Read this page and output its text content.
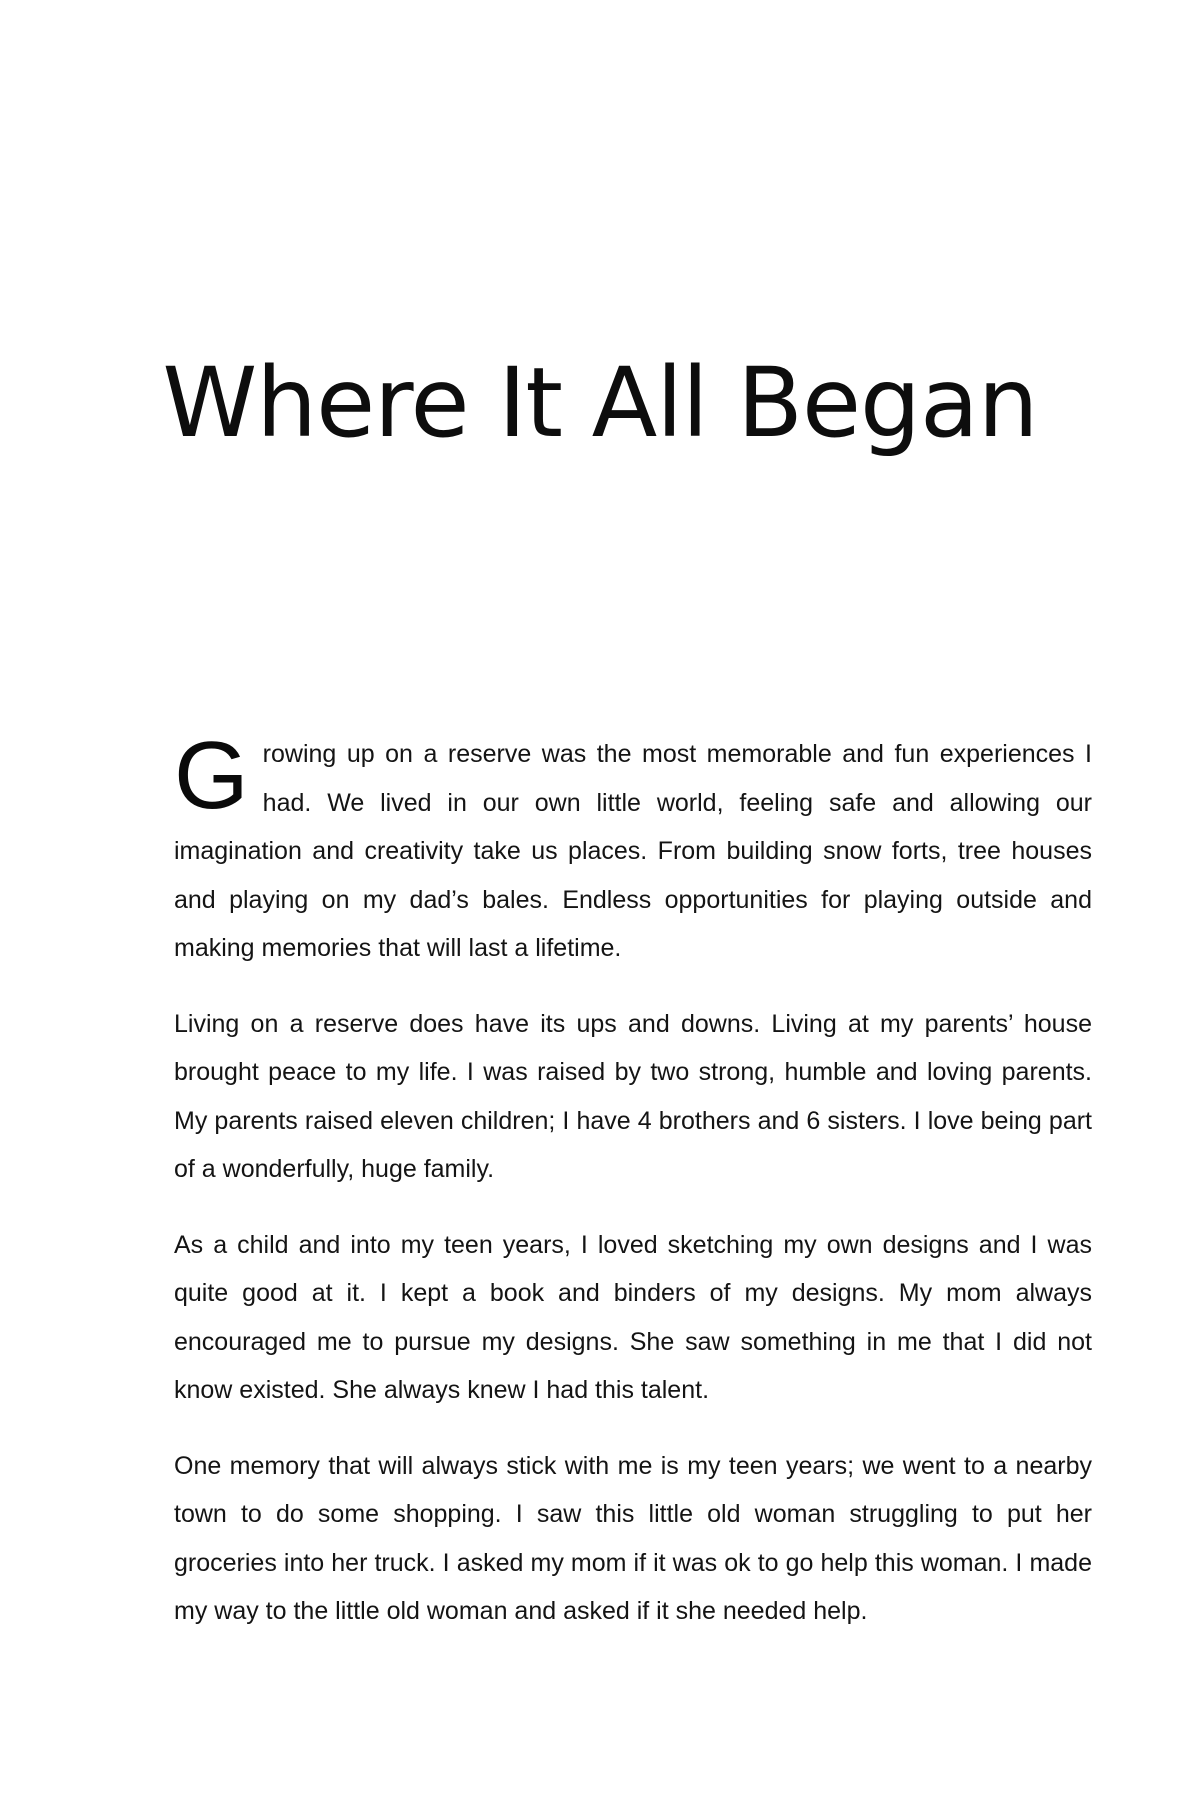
Where It All Began

Growing up on a reserve was the most memorable and fun experiences I had. We lived in our own little world, feeling safe and allowing our imagination and creativity take us places. From building snow forts, tree houses and playing on my dad’s bales. Endless opportunities for playing outside and making memories that will last a lifetime.

Living on a reserve does have its ups and downs. Living at my parents’ house brought peace to my life. I was raised by two strong, humble and loving parents. My parents raised eleven children; I have 4 brothers and 6 sisters. I love being part of a wonderfully, huge family.

As a child and into my teen years, I loved sketching my own designs and I was quite good at it. I kept a book and binders of my designs. My mom always encouraged me to pursue my designs. She saw something in me that I did not know existed. She always knew I had this talent.

One memory that will always stick with me is my teen years; we went to a nearby town to do some shopping. I saw this little old woman struggling to put her groceries into her truck. I asked my mom if it was ok to go help this woman. I made my way to the little old woman and asked if it she needed help.
